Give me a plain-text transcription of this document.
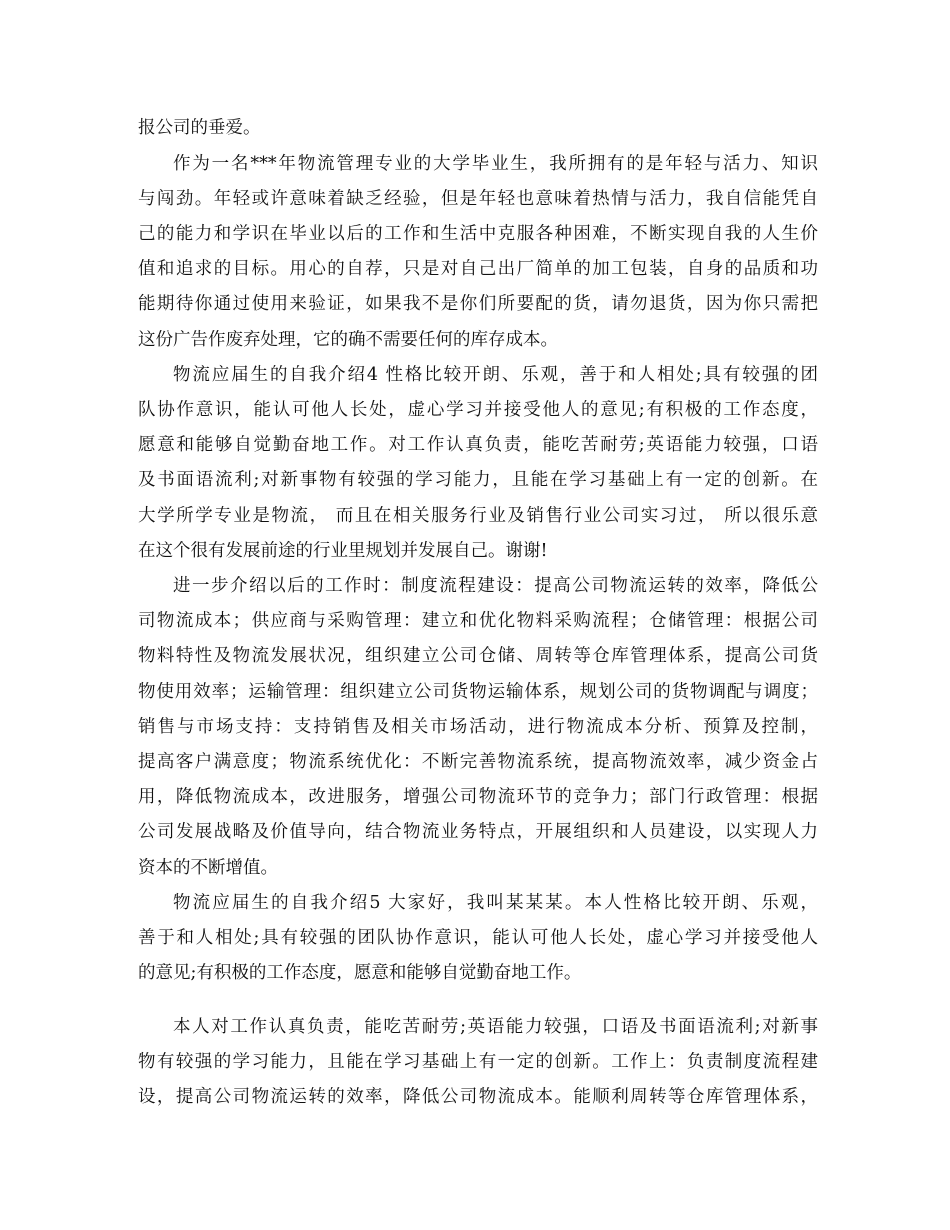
报公司的垂爱。

作为一名***年物流管理专业的大学毕业生，我所拥有的是年轻与活力、知识

与闯劲。年轻或许意味着缺乏经验，但是年轻也意味着热情与活力，我自信能凭自

己的能力和学识在毕业以后的工作和生活中克服各种困难，不断实现自我的人生价

值和追求的目标。用心的自荐，只是对自己出厂简单的加工包装，自身的品质和功

能期待你通过使用来验证，如果我不是你们所要配的货，请勿退货，因为你只需把

这份广告作废弃处理，它的确不需要任何的库存成本。

物流应届生的自我介绍4 性格比较开朗、乐观，善于和人相处;具有较强的团

队协作意识，能认可他人长处，虚心学习并接受他人的意见;有积极的工作态度，

愿意和能够自觉勤奋地工作。对工作认真负责，能吃苦耐劳;英语能力较强，口语

及书面语流利;对新事物有较强的学习能力，且能在学习基础上有一定的创新。在

大学所学专业是物流， 而且在相关服务行业及销售行业公司实习过， 所以很乐意

在这个很有发展前途的行业里规划并发展自己。谢谢!

进一步介绍以后的工作时：制度流程建设：提高公司物流运转的效率，降低公

司物流成本；供应商与采购管理：建立和优化物料采购流程；仓储管理：根据公司

物料特性及物流发展状况，组织建立公司仓储、周转等仓库管理体系，提高公司货

物使用效率；运输管理：组织建立公司货物运输体系，规划公司的货物调配与调度；

销售与市场支持：支持销售及相关市场活动，进行物流成本分析、预算及控制，

提高客户满意度；物流系统优化：不断完善物流系统，提高物流效率，减少资金占

用，降低物流成本，改进服务，增强公司物流环节的竞争力；部门行政管理：根据

公司发展战略及价值导向，结合物流业务特点，开展组织和人员建设，以实现人力

资本的不断增值。

物流应届生的自我介绍5 大家好，我叫某某某。本人性格比较开朗、乐观，

善于和人相处;具有较强的团队协作意识，能认可他人长处，虚心学习并接受他人

的意见;有积极的工作态度，愿意和能够自觉勤奋地工作。

本人对工作认真负责，能吃苦耐劳;英语能力较强，口语及书面语流利;对新事

物有较强的学习能力，且能在学习基础上有一定的创新。工作上：负责制度流程建

设，提高公司物流运转的效率，降低公司物流成本。能顺利周转等仓库管理体系，
